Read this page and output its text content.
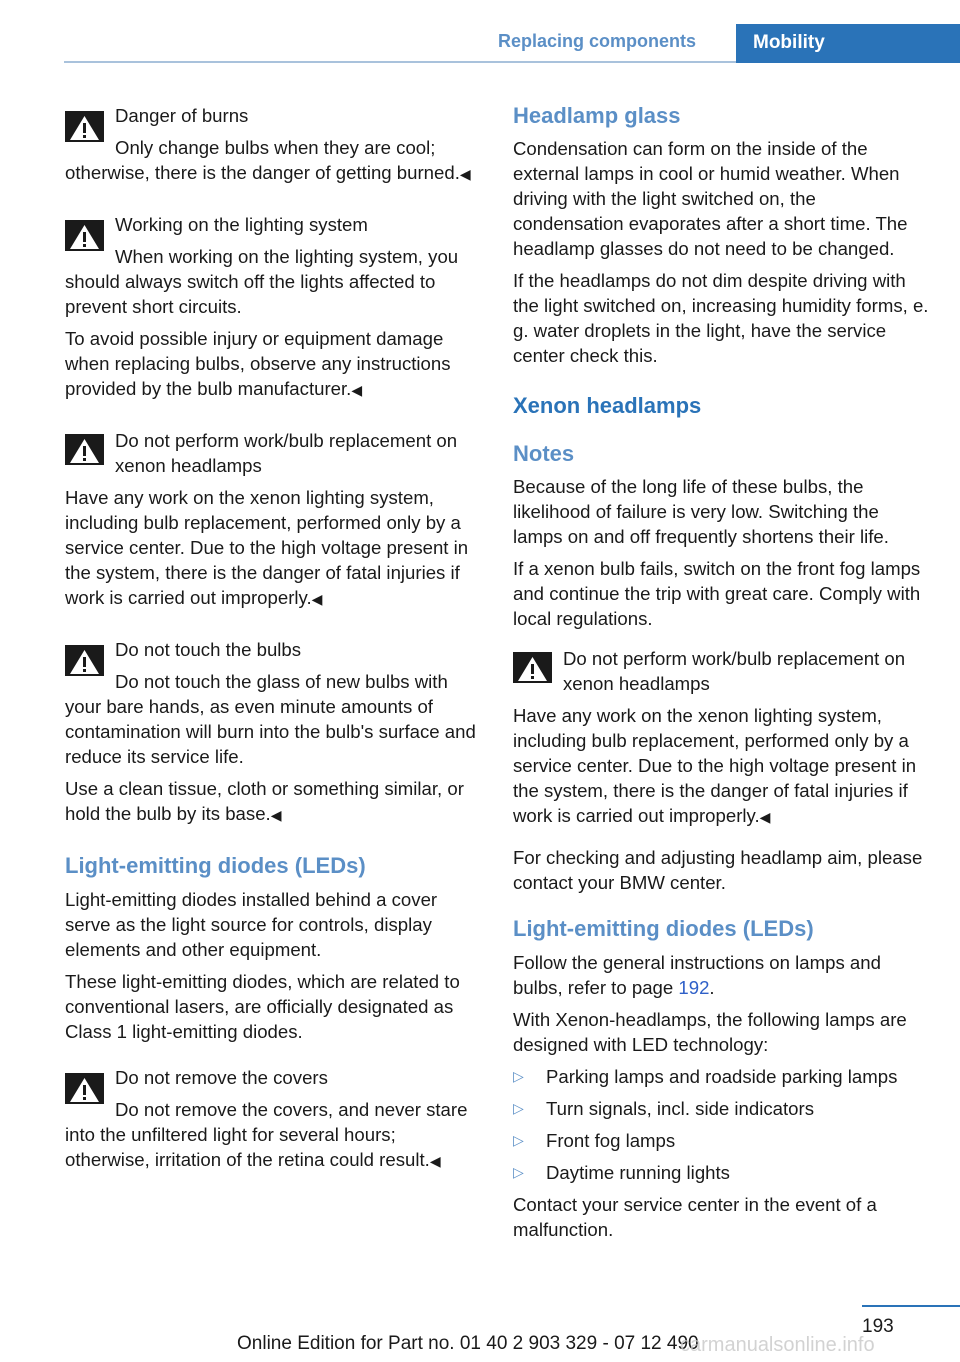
Replacing components	Mobility
Danger of burns

Only change bulbs when they are cool; otherwise, there is the danger of getting burned.◀

Working on the lighting system

When working on the lighting system, you should always switch off the lights affected to prevent short circuits.

To avoid possible injury or equipment damage when replacing bulbs, observe any instructions provided by the bulb manufacturer.◀

Do not perform work/bulb replacement on xenon headlamps

Have any work on the xenon lighting system, including bulb replacement, performed only by a service center. Due to the high voltage present in the system, there is the danger of fatal injuries if work is carried out improperly.◀

Do not touch the bulbs

Do not touch the glass of new bulbs with your bare hands, as even minute amounts of contamination will burn into the bulb's surface and reduce its service life.

Use a clean tissue, cloth or something similar, or hold the bulb by its base.◀

Light-emitting diodes (LEDs)

Light-emitting diodes installed behind a cover serve as the light source for controls, display elements and other equipment.

These light-emitting diodes, which are related to conventional lasers, are officially designated as Class 1 light-emitting diodes.

Do not remove the covers

Do not remove the covers, and never stare into the unfiltered light for several hours; otherwise, irritation of the retina could result.◀

Headlamp glass

Condensation can form on the inside of the external lamps in cool or humid weather. When driving with the light switched on, the condensation evaporates after a short time. The headlamp glasses do not need to be changed.

If the headlamps do not dim despite driving with the light switched on, increasing humidity forms, e. g. water droplets in the light, have the service center check this.

Xenon headlamps
Notes

Because of the long life of these bulbs, the likelihood of failure is very low. Switching the lamps on and off frequently shortens their life.

If a xenon bulb fails, switch on the front fog lamps and continue the trip with great care. Comply with local regulations.

Do not perform work/bulb replacement on xenon headlamps

Have any work on the xenon lighting system, including bulb replacement, performed only by a service center. Due to the high voltage present in the system, there is the danger of fatal injuries if work is carried out improperly.◀

For checking and adjusting headlamp aim, please contact your BMW center.

Light-emitting diodes (LEDs)

Follow the general instructions on lamps and bulbs, refer to page 192.

With Xenon-headlamps, the following lamps are designed with LED technology:

▷ Parking lamps and roadside parking lamps
▷ Turn signals, incl. side indicators
▷ Front fog lamps
▷ Daytime running lights

Contact your service center in the event of a malfunction.

193
Online Edition for Part no. 01 40 2 903 329 - 07 12 490
carmanualsonline.info
